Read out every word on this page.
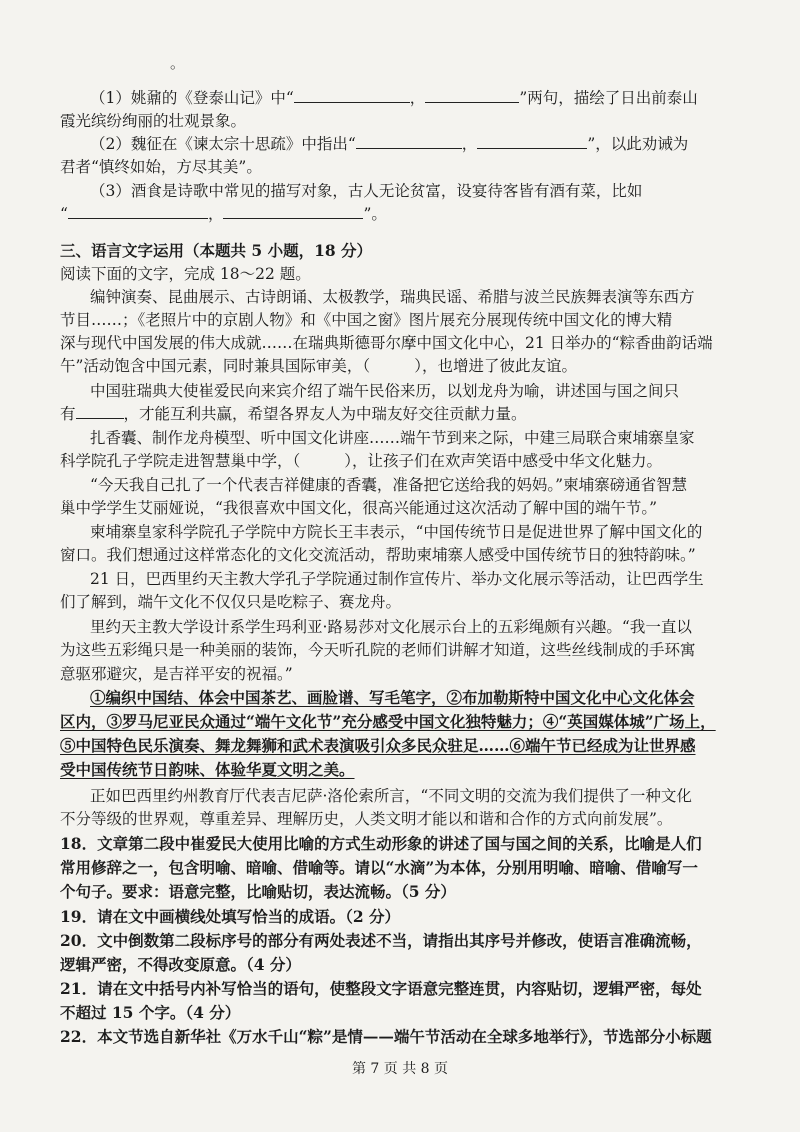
。
（1）姚鼐的《登泰山记》中“	，	”两句，描绘了日出前泰山
霞光缤纷绚丽的壮观景象。
（2）魏征在《谏太宗十思疏》中指出“	，	”，以此劝诫为
君者“慎终如始，方尽其美”。
（3）酒食是诗歌中常见的描写对象，古人无论贫富，设宴待客皆有酒有菜，比如
“	，	”。
三、语言文字运用（本题共 5 小题，18 分）
阅读下面的文字，完成 18～22 题。
编钟演奏、昆曲展示、古诗朗诵、太极教学，瑞典民谣、希腊与波兰民族舞表演等东西方
节目……；《老照片中的京剧人物》和《中国之窗》图片展充分展现传统中国文化的博大精
深与现代中国发展的伟大成就……在瑞典斯德哥尔摩中国文化中心，21 日举办的“粽香曲韵话端
午”活动饱含中国元素，同时兼具国际审美，（	），也增进了彼此友谊。
中国驻瑞典大使崔爱民向来宾介绍了端午民俗来历，以划龙舟为喻，讲述国与国之间只
有	，才能互利共赢，希望各界友人为中瑞友好交往贡献力量。
扎香囊、制作龙舟模型、听中国文化讲座……端午节到来之际，中建三局联合柬埔寨皇家
科学院孔子学院走进智慧巢中学，（	），让孩子们在欢声笑语中感受中华文化魅力。
“今天我自己扎了一个代表吉祥健康的香囊，准备把它送给我的妈妈。”柬埔寨磅通省智慧
巢中学学生艾丽娅说，“我很喜欢中国文化，很高兴能通过这次活动了解中国的端午节。”
柬埔寨皇家科学院孔子学院中方院长王丰表示，“中国传统节日是促进世界了解中国文化的
窗口。我们想通过这样常态化的文化交流活动，帮助柬埔寨人感受中国传统节日的独特韵味。”
21 日，巴西里约天主教大学孔子学院通过制作宣传片、举办文化展示等活动，让巴西学生
们了解到，端午文化不仅仅只是吃粽子、赛龙舟。
里约天主教大学设计系学生玛利亚·路易莎对文化展示台上的五彩绳颇有兴趣。“我一直以
为这些五彩绳只是一种美丽的装饰，今天听孔院的老师们讲解才知道，这些丝线制成的手环寓
意驱邪避灾，是吉祥平安的祝福。”
①编织中国结、体会中国茶艺、画脸谱、写毛笔字，②布加勒斯特中国文化中心文化体会
区内，③罗马尼亚民众通过“端午文化节”充分感受中国文化独特魅力；④“英国媒体城”广场上，
⑤中国特色民乐演奏、舞龙舞狮和武术表演吸引众多民众驻足……⑥端午节已经成为让世界感
受中国传统节日韵味、体验华夏文明之美。
正如巴西里约州教育厅代表吉尼萨·洛伦索所言，“不同文明的交流为我们提供了一种文化
不分等级的世界观，尊重差异、理解历史，人类文明才能以和谐和合作的方式向前发展”。
18．文章第二段中崔爱民大使用比喻的方式生动形象的讲述了国与国之间的关系，比喻是人们
常用修辞之一，包含明喻、暗喻、借喻等。请以“水滴”为本体，分别用明喻、暗喻、借喻写一
个句子。要求：语意完整，比喻贴切，表达流畅。（5 分）
19．请在文中画横线处填写恰当的成语。（2 分）
20．文中倒数第二段标序号的部分有两处表述不当，请指出其序号并修改，使语言准确流畅，
逻辑严密，不得改变原意。（4 分）
21．请在文中括号内补写恰当的语句，使整段文字语意完整连贯，内容贴切，逻辑严密，每处
不超过 15 个字。（4 分）
22．本文节选自新华社《万水千山“粽”是情——端午节活动在全球多地举行》，节选部分小标题
第 7 页 共 8 页
